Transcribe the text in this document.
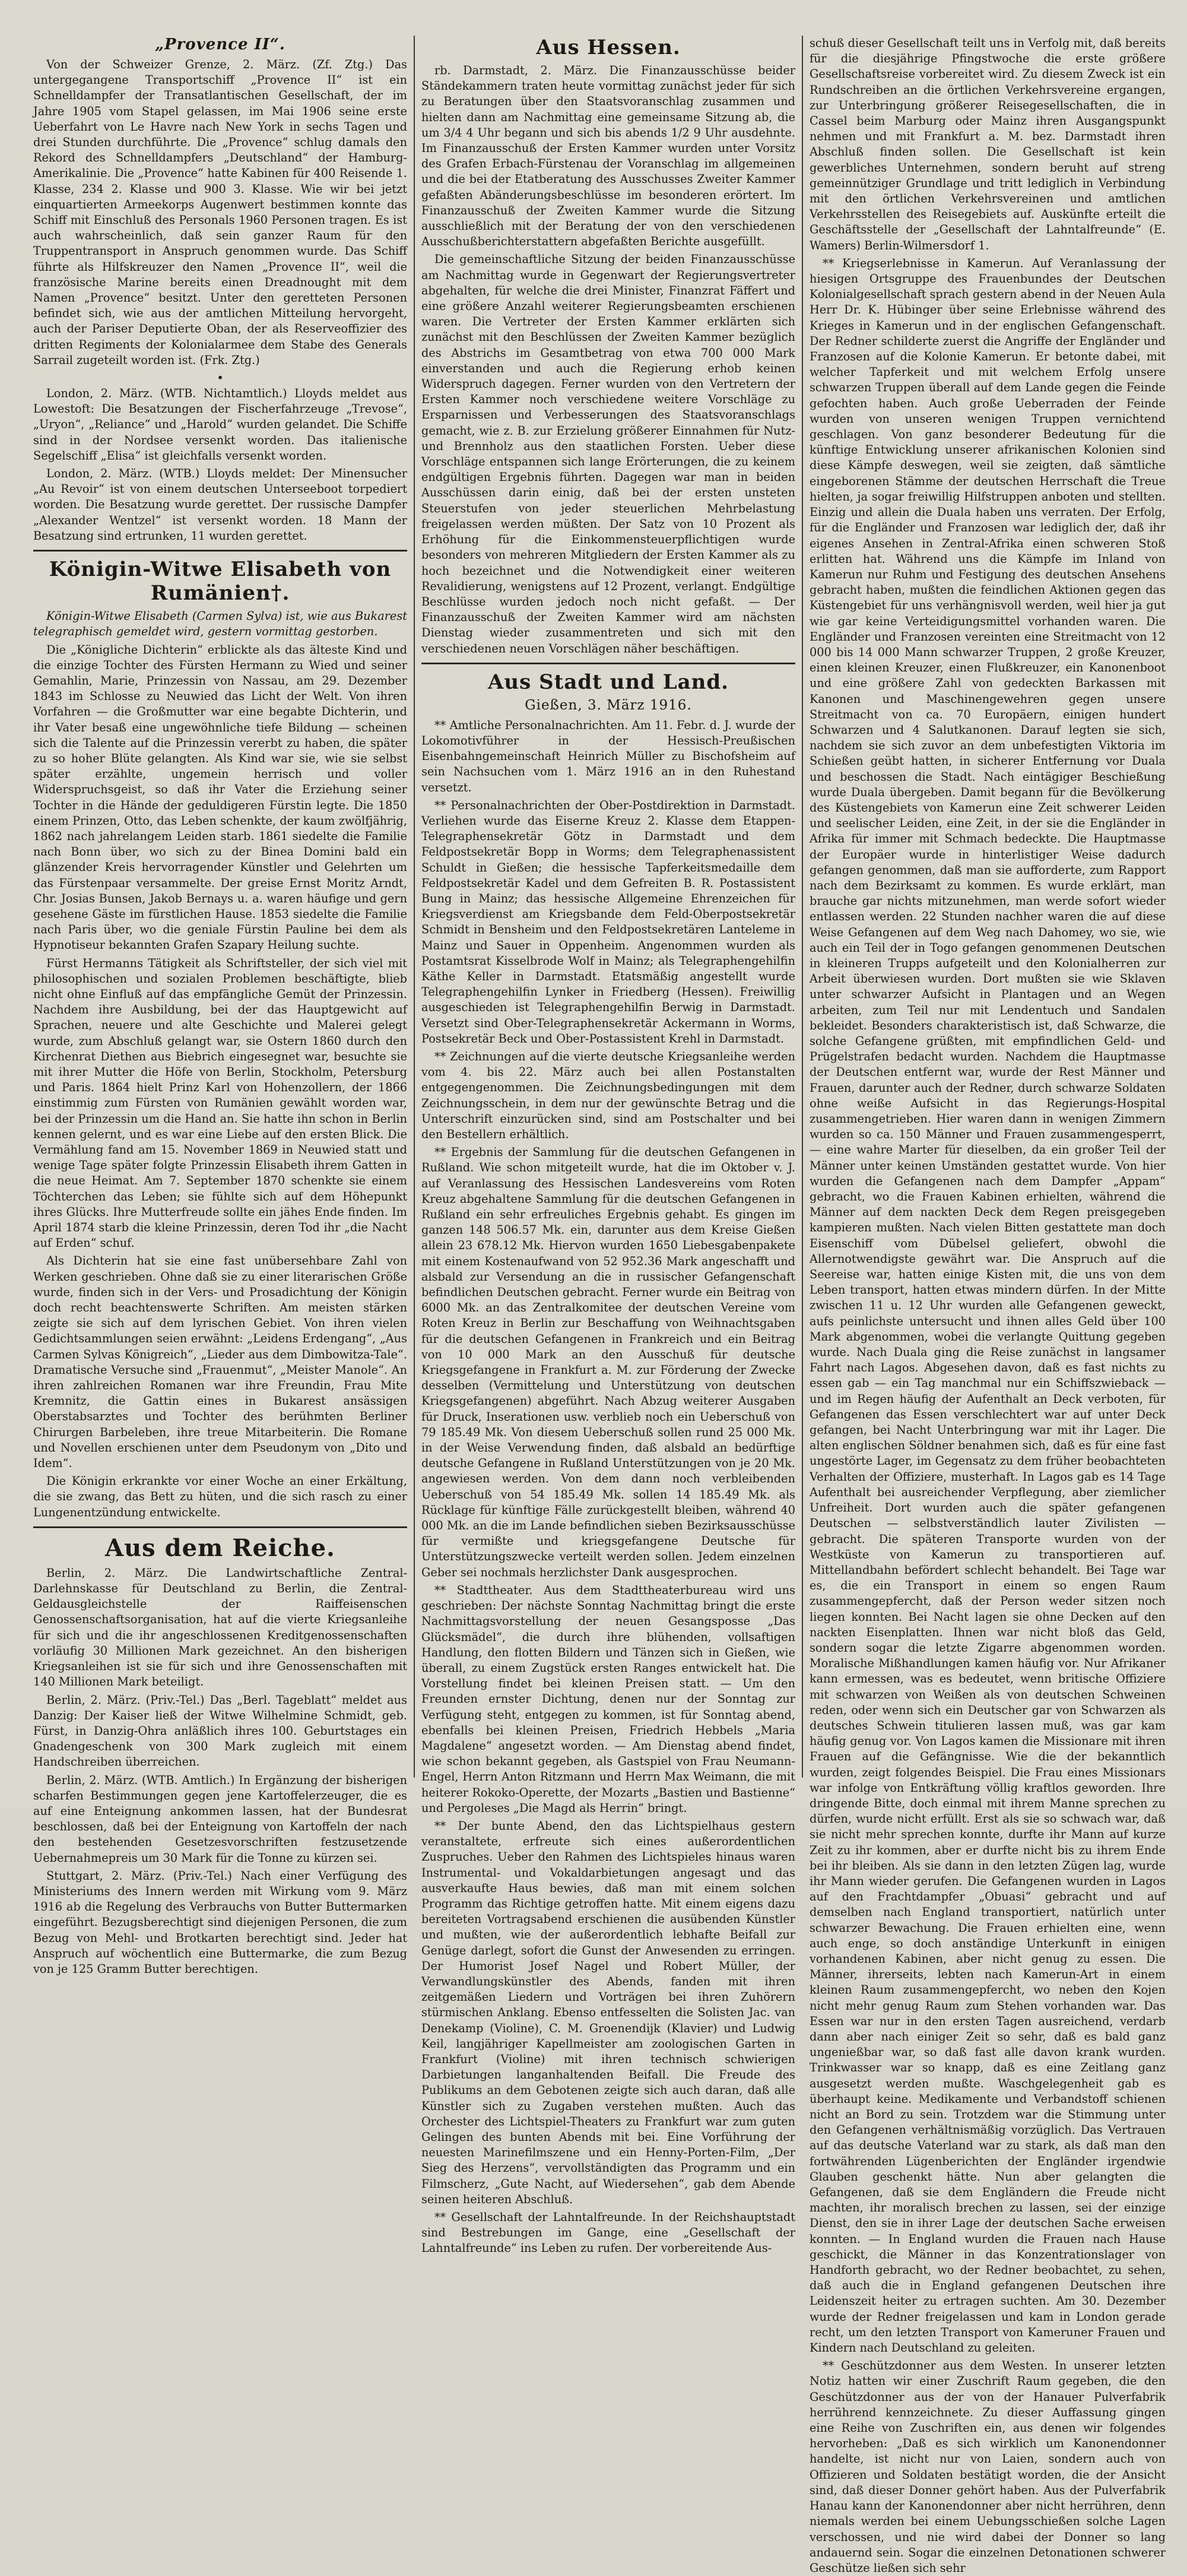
„Provence II“.

Von der Schweizer Grenze, 2. März. (Zf. Ztg.) Das untergegangene Transportschiff „Provence II“ ist ein Schnelldampfer der Transatlantischen Gesellschaft, der im Jahre 1905 vom Stapel gelassen, im Mai 1906 seine erste Ueberfahrt von Le Havre nach New York in sechs Tagen und drei Stunden durchführte. Die „Provence“ schlug damals den Rekord des Schnelldampfers „Deutschland“ der Hamburg-Amerikalinie. Die „Provence“ hatte Kabinen für 400 Reisende 1. Klasse, 234 2. Klasse und 900 3. Klasse. Wie wir bei jetzt einquartierten Armeekorps Augenwert bestimmen konnte das Schiff mit Einschluß des Personals 1960 Personen tragen. Es ist auch wahrscheinlich, daß sein ganzer Raum für den Truppentransport in Anspruch genommen wurde. Das Schiff führte als Hilfskreuzer den Namen „Provence II“, weil die französische Marine bereits einen Dreadnought mit dem Namen „Provence“ besitzt. Unter den geretteten Personen befindet sich, wie aus der amtlichen Mitteilung hervorgeht, auch der Pariser Deputierte Oban, der als Reserveoffizier des dritten Regiments der Kolonialarmee dem Stabe des Generals Sarrail zugeteilt worden ist. (Frk. Ztg.)

•

London, 2. März. (WTB. Nichtamtlich.) Lloyds meldet aus Lowestoft: Die Besatzungen der Fischerfahrzeuge „Trevose“, „Uryon“, „Reliance“ und „Harold“ wurden gelandet. Die Schiffe sind in der Nordsee versenkt worden. Das italienische Segelschiff „Elisa“ ist gleichfalls versenkt worden.

London, 2. März. (WTB.) Lloyds meldet: Der Minensucher „Au Revoir“ ist von einem deutschen Unterseeboot torpediert worden. Die Besatzung wurde gerettet. Der russische Dampfer „Alexander Wentzel“ ist versenkt worden. 18 Mann der Besatzung sind ertrunken, 11 wurden gerettet.

Königin-Witwe Elisabeth von Rumänien†.

Königin-Witwe Elisabeth (Carmen Sylva) ist, wie aus Bukarest telegraphisch gemeldet wird, gestern vormittag gestorben.

Die „Königliche Dichterin“ erblickte als das älteste Kind und die einzige Tochter des Fürsten Hermann zu Wied und seiner Gemahlin, Marie, Prinzessin von Nassau, am 29. Dezember 1843 im Schlosse zu Neuwied das Licht der Welt. Von ihren Vorfahren — die Großmutter war eine begabte Dichterin, und ihr Vater besaß eine ungewöhnliche tiefe Bildung — scheinen sich die Talente auf die Prinzessin vererbt zu haben, die später zu so hoher Blüte gelangten. Als Kind war sie, wie sie selbst später erzählte, ungemein herrisch und voller Widerspruchsgeist, so daß ihr Vater die Erziehung seiner Tochter in die Hände der geduldigeren Fürstin legte. Die 1850 einem Prinzen, Otto, das Leben schenkte, der kaum zwölfjährig, 1862 nach jahrelangem Leiden starb. 1861 siedelte die Familie nach Bonn über, wo sich zu der Binea Domini bald ein glänzender Kreis hervorragender Künstler und Gelehrten um das Fürstenpaar versammelte. Der greise Ernst Moritz Arndt, Chr. Josias Bunsen, Jakob Bernays u. a. waren häufige und gern gesehene Gäste im fürstlichen Hause. 1853 siedelte die Familie nach Paris über, wo die geniale Fürstin Pauline bei dem als Hypnotiseur bekannten Grafen Szapary Heilung suchte.

Fürst Hermanns Tätigkeit als Schriftsteller, der sich viel mit philosophischen und sozialen Problemen beschäftigte, blieb nicht ohne Einfluß auf das empfängliche Gemüt der Prinzessin. Nachdem ihre Ausbildung, bei der das Hauptgewicht auf Sprachen, neuere und alte Geschichte und Malerei gelegt wurde, zum Abschluß gelangt war, sie Ostern 1860 durch den Kirchenrat Diethen aus Biebrich eingesegnet war, besuchte sie mit ihrer Mutter die Höfe von Berlin, Stockholm, Petersburg und Paris. 1864 hielt Prinz Karl von Hohenzollern, der 1866 einstimmig zum Fürsten von Rumänien gewählt worden war, bei der Prinzessin um die Hand an. Sie hatte ihn schon in Berlin kennen gelernt, und es war eine Liebe auf den ersten Blick. Die Vermählung fand am 15. November 1869 in Neuwied statt und wenige Tage später folgte Prinzessin Elisabeth ihrem Gatten in die neue Heimat. Am 7. September 1870 schenkte sie einem Töchterchen das Leben; sie fühlte sich auf dem Höhepunkt ihres Glücks. Ihre Mutterfreude sollte ein jähes Ende finden. Im April 1874 starb die kleine Prinzessin, deren Tod ihr „die Nacht auf Erden“ schuf.

Als Dichterin hat sie eine fast unübersehbare Zahl von Werken geschrieben. Ohne daß sie zu einer literarischen Größe wurde, finden sich in der Vers- und Prosadichtung der Königin doch recht beachtenswerte Schriften. Am meisten stärken zeigte sie sich auf dem lyrischen Gebiet. Von ihren vielen Gedichtsammlungen seien erwähnt: „Leidens Erdengang“, „Aus Carmen Sylvas Königreich“, „Lieder aus dem Dimbowitza-Tale“. Dramatische Versuche sind „Frauenmut“, „Meister Manole“. An ihren zahlreichen Romanen war ihre Freundin, Frau Mite Kremnitz, die Gattin eines in Bukarest ansässigen Oberstabsarztes und Tochter des berühmten Berliner Chirurgen Barbeleben, ihre treue Mitarbeiterin. Die Romane und Novellen erschienen unter dem Pseudonym von „Dito und Idem“.

Die Königin erkrankte vor einer Woche an einer Erkältung, die sie zwang, das Bett zu hüten, und die sich rasch zu einer Lungenentzündung entwickelte.

Aus dem Reiche.

Berlin, 2. März. Die Landwirtschaftliche Zentral-Darlehnskasse für Deutschland zu Berlin, die Zentral-Geldausgleichstelle der Raiffeisenschen Genossenschaftsorganisation, hat auf die vierte Kriegsanleihe für sich und die ihr angeschlossenen Kreditgenossenschaften vorläufig 30 Millionen Mark gezeichnet. An den bisherigen Kriegsanleihen ist sie für sich und ihre Genossenschaften mit 140 Millionen Mark beteiligt.

Berlin, 2. März. (Priv.-Tel.) Das „Berl. Tageblatt“ meldet aus Danzig: Der Kaiser ließ der Witwe Wilhelmine Schmidt, geb. Fürst, in Danzig-Ohra anläßlich ihres 100. Geburtstages ein Gnadengeschenk von 300 Mark zugleich mit einem Handschreiben überreichen.

Berlin, 2. März. (WTB. Amtlich.) In Ergänzung der bisherigen scharfen Bestimmungen gegen jene Kartoffelerzeuger, die es auf eine Enteignung ankommen lassen, hat der Bundesrat beschlossen, daß bei der Enteignung von Kartoffeln der nach den bestehenden Gesetzesvorschriften festzusetzende Uebernahmepreis um 30 Mark für die Tonne zu kürzen sei.

Stuttgart, 2. März. (Priv.-Tel.) Nach einer Verfügung des Ministeriums des Innern werden mit Wirkung vom 9. März 1916 ab die Regelung des Verbrauchs von Butter Buttermarken eingeführt. Bezugsberechtigt sind diejenigen Personen, die zum Bezug von Mehl- und Brotkarten berechtigt sind. Jeder hat Anspruch auf wöchentlich eine Buttermarke, die zum Bezug von je 125 Gramm Butter berechtigen.

Aus Hessen.

rb. Darmstadt, 2. März. Die Finanzausschüsse beider Ständekammern traten heute vormittag zunächst jeder für sich zu Beratungen über den Staatsvoranschlag zusammen und hielten dann am Nachmittag eine gemeinsame Sitzung ab, die um 3/4 4 Uhr begann und sich bis abends 1/2 9 Uhr ausdehnte. Im Finanzausschuß der Ersten Kammer wurden unter Vorsitz des Grafen Erbach-Fürstenau der Voranschlag im allgemeinen und die bei der Etatberatung des Ausschusses Zweiter Kammer gefaßten Abänderungsbeschlüsse im besonderen erörtert. Im Finanzausschuß der Zweiten Kammer wurde die Sitzung ausschließlich mit der Beratung der von den verschiedenen Ausschußberichterstattern abgefaßten Berichte ausgefüllt.

Die gemeinschaftliche Sitzung der beiden Finanzausschüsse am Nachmittag wurde in Gegenwart der Regierungsvertreter abgehalten, für welche die drei Minister, Finanzrat Fäffert und eine größere Anzahl weiterer Regierungsbeamten erschienen waren. Die Vertreter der Ersten Kammer erklärten sich zunächst mit den Beschlüssen der Zweiten Kammer bezüglich des Abstrichs im Gesamtbetrag von etwa 700 000 Mark einverstanden und auch die Regierung erhob keinen Widerspruch dagegen. Ferner wurden von den Vertretern der Ersten Kammer noch verschiedene weitere Vorschläge zu Ersparnissen und Verbesserungen des Staatsvoranschlags gemacht, wie z. B. zur Erzielung größerer Einnahmen für Nutz- und Brennholz aus den staatlichen Forsten. Ueber diese Vorschläge entspannen sich lange Erörterungen, die zu keinem endgültigen Ergebnis führten. Dagegen war man in beiden Ausschüssen darin einig, daß bei der ersten unsteten Steuerstufen von jeder steuerlichen Mehrbelastung freigelassen werden müßten. Der Satz von 10 Prozent als Erhöhung für die Einkommensteuerpflichtigen wurde besonders von mehreren Mitgliedern der Ersten Kammer als zu hoch bezeichnet und die Notwendigkeit einer weiteren Revalidierung, wenigstens auf 12 Prozent, verlangt. Endgültige Beschlüsse wurden jedoch noch nicht gefaßt. — Der Finanzausschuß der Zweiten Kammer wird am nächsten Dienstag wieder zusammentreten und sich mit den verschiedenen neuen Vorschlägen näher beschäftigen.

Aus Stadt und Land.
Gießen, 3. März 1916.

** Amtliche Personalnachrichten. Am 11. Febr. d. J. wurde der Lokomotivführer in der Hessisch-Preußischen Eisenbahngemeinschaft Heinrich Müller zu Bischofsheim auf sein Nachsuchen vom 1. März 1916 an in den Ruhestand versetzt.

** Personalnachrichten der Ober-Postdirektion in Darmstadt. Verliehen wurde das Eiserne Kreuz 2. Klasse dem Etappen-Telegraphensekretär Götz in Darmstadt und dem Feldpostsekretär Bopp in Worms; dem Telegraphenassistent Schuldt in Gießen; die hessische Tapferkeitsmedaille dem Feldpostsekretär Kadel und dem Gefreiten B. R. Postassistent Bung in Mainz; das hessische Allgemeine Ehrenzeichen für Kriegsverdienst am Kriegsbande dem Feld-Oberpostsekretär Schmidt in Bensheim und den Feldpostsekretären Lanteleme in Mainz und Sauer in Oppenheim. Angenommen wurden als Postamtsrat Kisselbrode Wolf in Mainz; als Telegraphengehilfin Käthe Keller in Darmstadt. Etatsmäßig angestellt wurde Telegraphengehilfin Lynker in Friedberg (Hessen). Freiwillig ausgeschieden ist Telegraphengehilfin Berwig in Darmstadt. Versetzt sind Ober-Telegraphensekretär Ackermann in Worms, Postsekretär Beck und Ober-Postassistent Krehl in Darmstadt.

** Zeichnungen auf die vierte deutsche Kriegsanleihe werden vom 4. bis 22. März auch bei allen Postanstalten entgegengenommen. Die Zeichnungsbedingungen mit dem Zeichnungsschein, in dem nur der gewünschte Betrag und die Unterschrift einzurücken sind, sind am Postschalter und bei den Bestellern erhältlich.

** Ergebnis der Sammlung für die deutschen Gefangenen in Rußland. Wie schon mitgeteilt wurde, hat die im Oktober v. J. auf Veranlassung des Hessischen Landesvereins vom Roten Kreuz abgehaltene Sammlung für die deutschen Gefangenen in Rußland ein sehr erfreuliches Ergebnis gehabt. Es gingen im ganzen 148 506.57 Mk. ein, darunter aus dem Kreise Gießen allein 23 678.12 Mk. Hiervon wurden 1650 Liebesgabenpakete mit einem Kostenaufwand von 52 952.36 Mark angeschafft und alsbald zur Versendung an die in russischer Gefangenschaft befindlichen Deutschen gebracht. Ferner wurde ein Beitrag von 6000 Mk. an das Zentralkomitee der deutschen Vereine vom Roten Kreuz in Berlin zur Beschaffung von Weihnachtsgaben für die deutschen Gefangenen in Frankreich und ein Beitrag von 10 000 Mark an den Ausschuß für deutsche Kriegsgefangene in Frankfurt a. M. zur Förderung der Zwecke desselben (Vermittelung und Unterstützung von deutschen Kriegsgefangenen) abgeführt. Nach Abzug weiterer Ausgaben für Druck, Inserationen usw. verblieb noch ein Ueberschuß von 79 185.49 Mk. Von diesem Ueberschuß sollen rund 25 000 Mk. in der Weise Verwendung finden, daß alsbald an bedürftige deutsche Gefangene in Rußland Unterstützungen von je 20 Mk. angewiesen werden. Von dem dann noch verbleibenden Ueberschuß von 54 185.49 Mk. sollen 14 185.49 Mk. als Rücklage für künftige Fälle zurückgestellt bleiben, während 40 000 Mk. an die im Lande befindlichen sieben Bezirksausschüsse für vermißte und kriegsgefangene Deutsche für Unterstützungszwecke verteilt werden sollen. Jedem einzelnen Geber sei nochmals herzlichster Dank ausgesprochen.

** Stadttheater. Aus dem Stadttheaterbureau wird uns geschrieben: Der nächste Sonntag Nachmittag bringt die erste Nachmittagsvorstellung der neuen Gesangsposse „Das Glücksmädel“, die durch ihre blühenden, vollsaftigen Handlung, den flotten Bildern und Tänzen sich in Gießen, wie überall, zu einem Zugstück ersten Ranges entwickelt hat. Die Vorstellung findet bei kleinen Preisen statt. — Um den Freunden ernster Dichtung, denen nur der Sonntag zur Verfügung steht, entgegen zu kommen, ist für Sonntag abend, ebenfalls bei kleinen Preisen, Friedrich Hebbels „Maria Magdalene“ angesetzt worden. — Am Dienstag abend findet, wie schon bekannt gegeben, als Gastspiel von Frau Neumann-Engel, Herrn Anton Ritzmann und Herrn Max Weimann, die mit heiterer Rokoko-Operette, der Mozarts „Bastien und Bastienne“ und Pergoleses „Die Magd als Herrin“ bringt.

** Der bunte Abend, den das Lichtspielhaus gestern veranstaltete, erfreute sich eines außerordentlichen Zuspruches. Ueber den Rahmen des Lichtspieles hinaus waren Instrumental- und Vokaldarbietungen angesagt und das ausverkaufte Haus bewies, daß man mit einem solchen Programm das Richtige getroffen hatte. Mit einem eigens dazu bereiteten Vortragsabend erschienen die ausübenden Künstler und mußten, wie der außerordentlich lebhafte Beifall zur Genüge darlegt, sofort die Gunst der Anwesenden zu erringen. Der Humorist Josef Nagel und Robert Müller, der Verwandlungskünstler des Abends, fanden mit ihren zeitgemäßen Liedern und Vorträgen bei ihren Zuhörern stürmischen Anklang. Ebenso entfesselten die Solisten Jac. van Denekamp (Violine), C. M. Groenendijk (Klavier) und Ludwig Keil, langjähriger Kapellmeister am zoologischen Garten in Frankfurt (Violine) mit ihren technisch schwierigen Darbietungen langanhaltenden Beifall. Die Freude des Publikums an dem Gebotenen zeigte sich auch daran, daß alle Künstler sich zu Zugaben verstehen mußten. Auch das Orchester des Lichtspiel-Theaters zu Frankfurt war zum guten Gelingen des bunten Abends mit bei. Eine Vorführung der neuesten Marinefilmszene und ein Henny-Porten-Film, „Der Sieg des Herzens“, vervollständigten das Programm und ein Filmscherz, „Gute Nacht, auf Wiedersehen“, gab dem Abende seinen heiteren Abschluß.

** Gesellschaft der Lahntalfreunde. In der Reichshauptstadt sind Bestrebungen im Gange, eine „Gesellschaft der Lahntalfreunde“ ins Leben zu rufen. Der vorbereitende Aus-

schuß dieser Gesellschaft teilt uns in Verfolg mit, daß bereits für die diesjährige Pfingstwoche die erste größere Gesellschaftsreise vorbereitet wird. Zu diesem Zweck ist ein Rundschreiben an die örtlichen Verkehrsvereine ergangen, zur Unterbringung größerer Reisegesellschaften, die in Cassel beim Marburg oder Mainz ihren Ausgangspunkt nehmen und mit Frankfurt a. M. bez. Darmstadt ihren Abschluß finden sollen. Die Gesellschaft ist kein gewerbliches Unternehmen, sondern beruht auf streng gemeinnütziger Grundlage und tritt lediglich in Verbindung mit den örtlichen Verkehrsvereinen und amtlichen Verkehrsstellen des Reisegebiets auf. Auskünfte erteilt die Geschäftsstelle der „Gesellschaft der Lahntalfreunde“ (E. Wamers) Berlin-Wilmersdorf 1.

** Kriegserlebnisse in Kamerun. Auf Veranlassung der hiesigen Ortsgruppe des Frauenbundes der Deutschen Kolonialgesellschaft sprach gestern abend in der Neuen Aula Herr Dr. K. Hübinger über seine Erlebnisse während des Krieges in Kamerun und in der englischen Gefangenschaft. Der Redner schilderte zuerst die Angriffe der Engländer und Franzosen auf die Kolonie Kamerun. Er betonte dabei, mit welcher Tapferkeit und mit welchem Erfolg unsere schwarzen Truppen überall auf dem Lande gegen die Feinde gefochten haben. Auch große Ueberraden der Feinde wurden von unseren wenigen Truppen vernichtend geschlagen. Von ganz besonderer Bedeutung für die künftige Entwicklung unserer afrikanischen Kolonien sind diese Kämpfe deswegen, weil sie zeigten, daß sämtliche eingeborenen Stämme der deutschen Herrschaft die Treue hielten, ja sogar freiwillig Hilfstruppen anboten und stellten. Einzig und allein die Duala haben uns verraten. Der Erfolg, für die Engländer und Franzosen war lediglich der, daß ihr eigenes Ansehen in Zentral-Afrika einen schweren Stoß erlitten hat. Während uns die Kämpfe im Inland von Kamerun nur Ruhm und Festigung des deutschen Ansehens gebracht haben, mußten die feindlichen Aktionen gegen das Küstengebiet für uns verhängnisvoll werden, weil hier ja gut wie gar keine Verteidigungsmittel vorhanden waren. Die Engländer und Franzosen vereinten eine Streitmacht von 12 000 bis 14 000 Mann schwarzer Truppen, 2 große Kreuzer, einen kleinen Kreuzer, einen Flußkreuzer, ein Kanonenboot und eine größere Zahl von gedeckten Barkassen mit Kanonen und Maschinengewehren gegen unsere Streitmacht von ca. 70 Europäern, einigen hundert Schwarzen und 4 Salutkanonen. Darauf legten sie sich, nachdem sie sich zuvor an dem unbefestigten Viktoria im Schießen geübt hatten, in sicherer Entfernung vor Duala und beschossen die Stadt. Nach eintägiger Beschießung wurde Duala übergeben. Damit begann für die Bevölkerung des Küstengebiets von Kamerun eine Zeit schwerer Leiden und seelischer Leiden, eine Zeit, in der sie die Engländer in Afrika für immer mit Schmach bedeckte. Die Hauptmasse der Europäer wurde in hinterlistiger Weise dadurch gefangen genommen, daß man sie aufforderte, zum Rapport nach dem Bezirksamt zu kommen. Es wurde erklärt, man brauche gar nichts mitzunehmen, man werde sofort wieder entlassen werden. 22 Stunden nachher waren die auf diese Weise Gefangenen auf dem Weg nach Dahomey, wo sie, wie auch ein Teil der in Togo gefangen genommenen Deutschen in kleineren Trupps aufgeteilt und den Kolonialherren zur Arbeit überwiesen wurden. Dort mußten sie wie Sklaven unter schwarzer Aufsicht in Plantagen und an Wegen arbeiten, zum Teil nur mit Lendentuch und Sandalen bekleidet. Besonders charakteristisch ist, daß Schwarze, die solche Gefangene grüßten, mit empfindlichen Geld- und Prügelstrafen bedacht wurden. Nachdem die Hauptmasse der Deutschen entfernt war, wurde der Rest Männer und Frauen, darunter auch der Redner, durch schwarze Soldaten ohne weiße Aufsicht in das Regierungs-Hospital zusammengetrieben. Hier waren dann in wenigen Zimmern wurden so ca. 150 Männer und Frauen zusammengesperrt, — eine wahre Marter für dieselben, da ein großer Teil der Männer unter keinen Umständen gestattet wurde. Von hier wurden die Gefangenen nach dem Dampfer „Appam“ gebracht, wo die Frauen Kabinen erhielten, während die Männer auf dem nackten Deck dem Regen preisgegeben kampieren mußten. Nach vielen Bitten gestattete man doch Eisenschiff vom Dübelsel geliefert, obwohl die Allernotwendigste gewährt war. Die Anspruch auf die Seereise war, hatten einige Kisten mit, die uns von dem Leben transport, hatten etwas mindern dürfen. In der Mitte zwischen 11 u. 12 Uhr wurden alle Gefangenen geweckt, aufs peinlichste untersucht und ihnen alles Geld über 100 Mark abgenommen, wobei die verlangte Quittung gegeben wurde. Nach Duala ging die Reise zunächst in langsamer Fahrt nach Lagos. Abgesehen davon, daß es fast nichts zu essen gab — ein Tag manchmal nur ein Schiffszwieback — und im Regen häufig der Aufenthalt an Deck verboten, für Gefangenen das Essen verschlechtert war auf unter Deck gefangen, bei Nacht Unterbringung war mit ihr Lager. Die alten englischen Söldner benahmen sich, daß es für eine fast ungestörte Lager, im Gegensatz zu dem früher beobachteten Verhalten der Offiziere, musterhaft. In Lagos gab es 14 Tage Aufenthalt bei ausreichender Verpflegung, aber ziemlicher Unfreiheit. Dort wurden auch die später gefangenen Deutschen — selbstverständlich lauter Zivilisten — gebracht. Die späteren Transporte wurden von der Westküste von Kamerun zu transportieren auf. Mittellandbahn befördert schlecht behandelt. Bei Tage war es, die ein Transport in einem so engen Raum zusammengepfercht, daß der Person weder sitzen noch liegen konnten. Bei Nacht lagen sie ohne Decken auf den nackten Eisenplatten. Ihnen war nicht bloß das Geld, sondern sogar die letzte Zigarre abgenommen worden. Moralische Mißhandlungen kamen häufig vor. Nur Afrikaner kann ermessen, was es bedeutet, wenn britische Offiziere mit schwarzen von Weißen als von deutschen Schweinen reden, oder wenn sich ein Deutscher gar von Schwarzen als deutsches Schwein titulieren lassen muß, was gar kam häufig genug vor. Von Lagos kamen die Missionare mit ihren Frauen auf die Gefängnisse. Wie die der bekanntlich wurden, zeigt folgendes Beispiel. Die Frau eines Missionars war infolge von Entkräftung völlig kraftlos geworden. Ihre dringende Bitte, doch einmal mit ihrem Manne sprechen zu dürfen, wurde nicht erfüllt. Erst als sie so schwach war, daß sie nicht mehr sprechen konnte, durfte ihr Mann auf kurze Zeit zu ihr kommen, aber er durfte nicht bis zu ihrem Ende bei ihr bleiben. Als sie dann in den letzten Zügen lag, wurde ihr Mann wieder gerufen. Die Gefangenen wurden in Lagos auf den Frachtdampfer „Obuasi“ gebracht und auf demselben nach England transportiert, natürlich unter schwarzer Bewachung. Die Frauen erhielten eine, wenn auch enge, so doch anständige Unterkunft in einigen vorhandenen Kabinen, aber nicht genug zu essen. Die Männer, ihrerseits, lebten nach Kamerun-Art in einem kleinen Raum zusammengepfercht, wo neben den Kojen nicht mehr genug Raum zum Stehen vorhanden war. Das Essen war nur in den ersten Tagen ausreichend, verdarb dann aber nach einiger Zeit so sehr, daß es bald ganz ungenießbar war, so daß fast alle davon krank wurden. Trinkwasser war so knapp, daß es eine Zeitlang ganz ausgesetzt werden mußte. Waschgelegenheit gab es überhaupt keine. Medikamente und Verbandstoff schienen nicht an Bord zu sein. Trotzdem war die Stimmung unter den Gefangenen verhältnismäßig vorzüglich. Das Vertrauen auf das deutsche Vaterland war zu stark, als daß man den fortwährenden Lügenberichten der Engländer irgendwie Glauben geschenkt hätte. Nun aber gelangten die Gefangenen, daß sie dem Engländern die Freude nicht machten, ihr moralisch brechen zu lassen, sei der einzige Dienst, den sie in ihrer Lage der deutschen Sache erweisen konnten. — In England wurden die Frauen nach Hause geschickt, die Männer in das Konzentrationslager von Handforth gebracht, wo der Redner beobachtet, zu sehen, daß auch die in England gefangenen Deutschen ihre Leidenszeit heiter zu ertragen suchten. Am 30. Dezember wurde der Redner freigelassen und kam in London gerade recht, um den letzten Transport von Kameruner Frauen und Kindern nach Deutschland zu geleiten.

** Geschützdonner aus dem Westen. In unserer letzten Notiz hatten wir einer Zuschrift Raum gegeben, die den Geschützdonner aus der von der Hanauer Pulverfabrik herrührend kennzeichnete. Zu dieser Auffassung gingen eine Reihe von Zuschriften ein, aus denen wir folgendes hervorheben: „Daß es sich wirklich um Kanonendonner handelte, ist nicht nur von Laien, sondern auch von Offizieren und Soldaten bestätigt worden, die der Ansicht sind, daß dieser Donner gehört haben. Aus der Pulverfabrik Hanau kann der Kanonendonner aber nicht herrühren, denn niemals werden bei einem Uebungsschießen solche Lagen verschossen, und nie wird dabei der Donner so lang andauernd sein. Sogar die einzelnen Detonationen schwerer Geschütze ließen sich sehr
